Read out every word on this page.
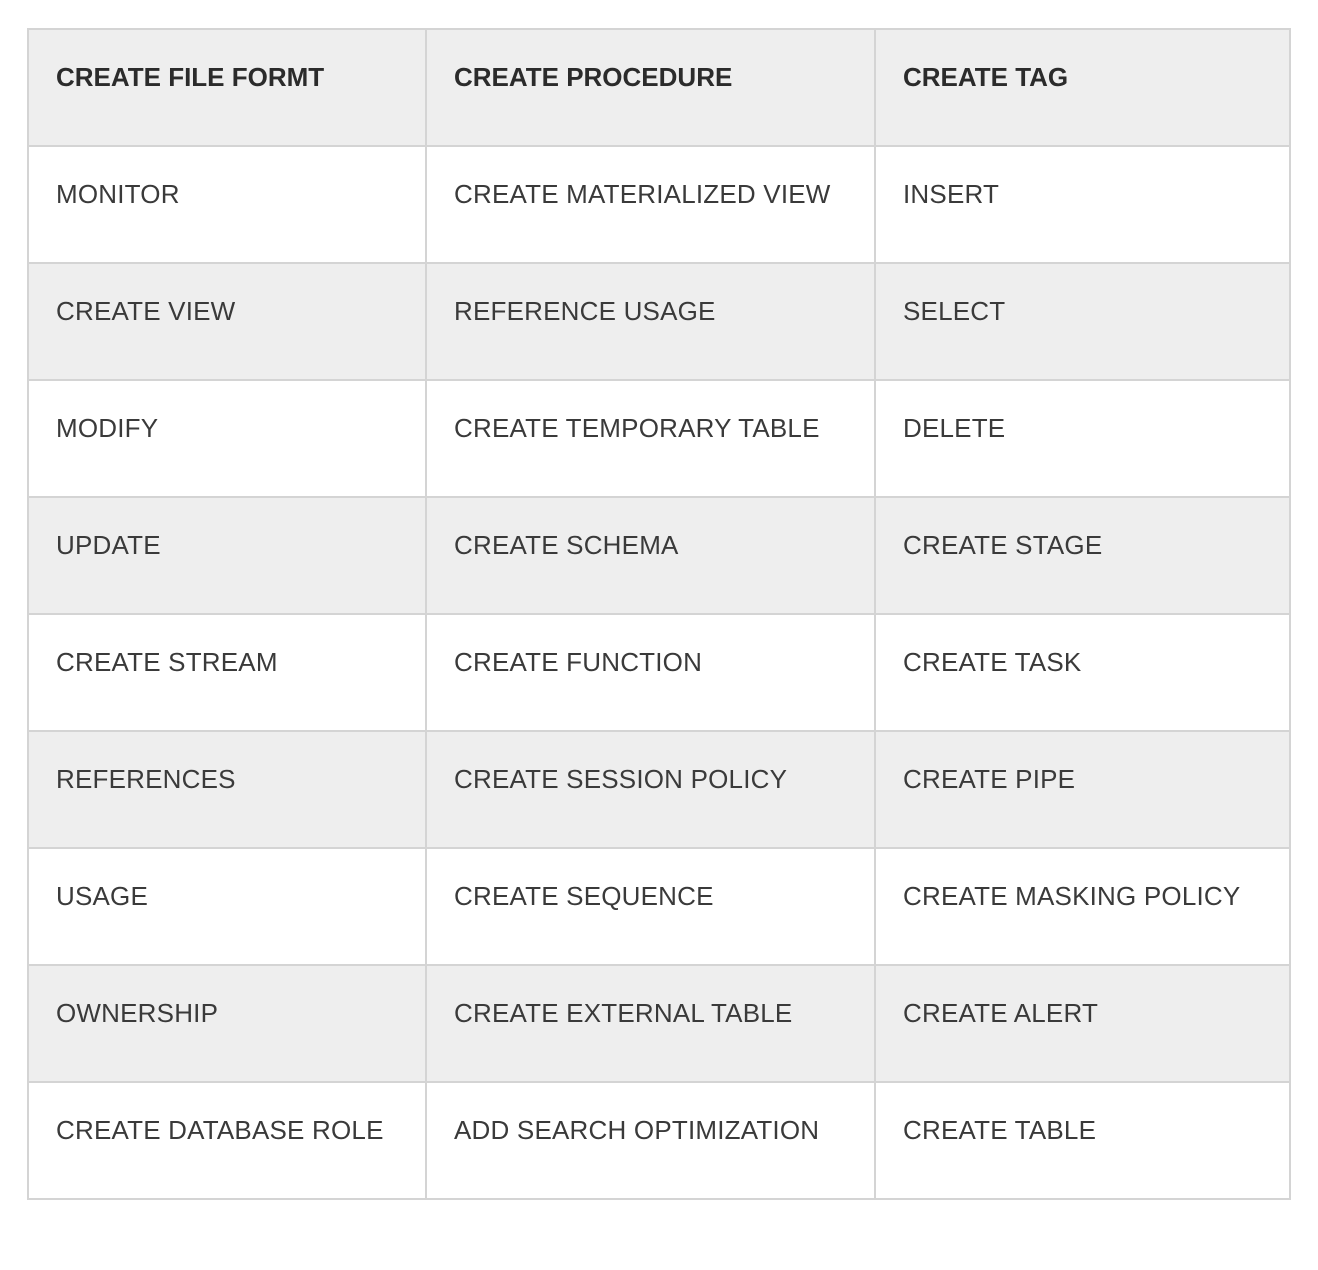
CREATE FILE FORMT	CREATE PROCEDURE	CREATE TAG

MONITOR	CREATE MATERIALIZED VIEW	INSERT

CREATE VIEW	REFERENCE USAGE	SELECT

MODIFY	CREATE TEMPORARY TABLE	DELETE

UPDATE	CREATE SCHEMA	CREATE STAGE

CREATE STREAM	CREATE FUNCTION	CREATE TASK

REFERENCES	CREATE SESSION POLICY	CREATE PIPE

USAGE	CREATE SEQUENCE	CREATE MASKING POLICY

OWNERSHIP	CREATE EXTERNAL TABLE	CREATE ALERT

CREATE DATABASE ROLE	ADD SEARCH OPTIMIZATION	CREATE TABLE
